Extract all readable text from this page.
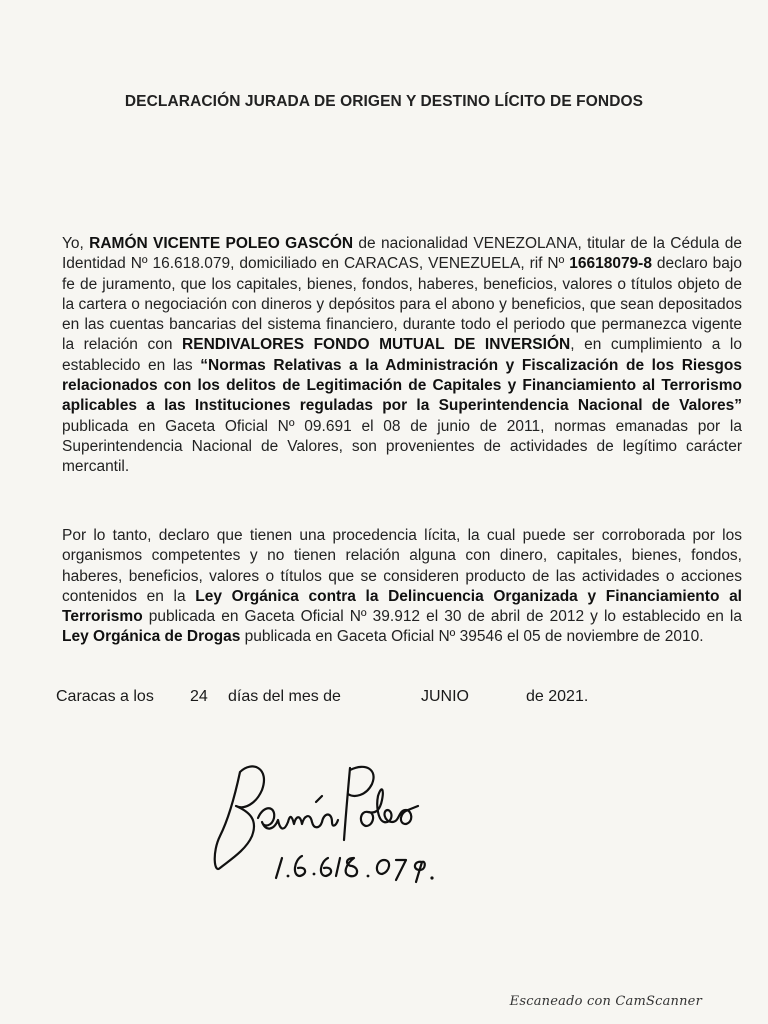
DECLARACIÓN JURADA DE ORIGEN Y DESTINO LÍCITO DE FONDOS
Yo, RAMÓN VICENTE POLEO GASCÓN de nacionalidad VENEZOLANA, titular de la Cédula de Identidad Nº 16.618.079, domiciliado en CARACAS, VENEZUELA, rif Nº 16618079-8 declaro bajo fe de juramento, que los capitales, bienes, fondos, haberes, beneficios, valores o títulos objeto de la cartera o negociación con dineros y depósitos para el abono y beneficios, que sean depositados en las cuentas bancarias del sistema financiero, durante todo el periodo que permanezca vigente la relación con RENDIVALORES FONDO MUTUAL DE INVERSIÓN, en cumplimiento a lo establecido en las “Normas Relativas a la Administración y Fiscalización de los Riesgos relacionados con los delitos de Legitimación de Capitales y Financiamiento al Terrorismo aplicables a las Instituciones reguladas por la Superintendencia Nacional de Valores” publicada en Gaceta Oficial Nº 09.691 el 08 de junio de 2011, normas emanadas por la Superintendencia Nacional de Valores, son provenientes de actividades de legítimo carácter mercantil.
Por lo tanto, declaro que tienen una procedencia lícita, la cual puede ser corroborada por los organismos competentes y no tienen relación alguna con dinero, capitales, bienes, fondos, haberes, beneficios, valores o títulos que se consideren producto de las actividades o acciones contenidos en la Ley Orgánica contra la Delincuencia Organizada y Financiamiento al Terrorismo publicada en Gaceta Oficial Nº 39.912 el 30 de abril de 2012 y lo establecido en la Ley Orgánica de Drogas publicada en Gaceta Oficial Nº 39546 el 05 de noviembre de 2010.
Caracas a los 24 días del mes de	JUNIO	de 2021.
Escaneado con CamScanner
